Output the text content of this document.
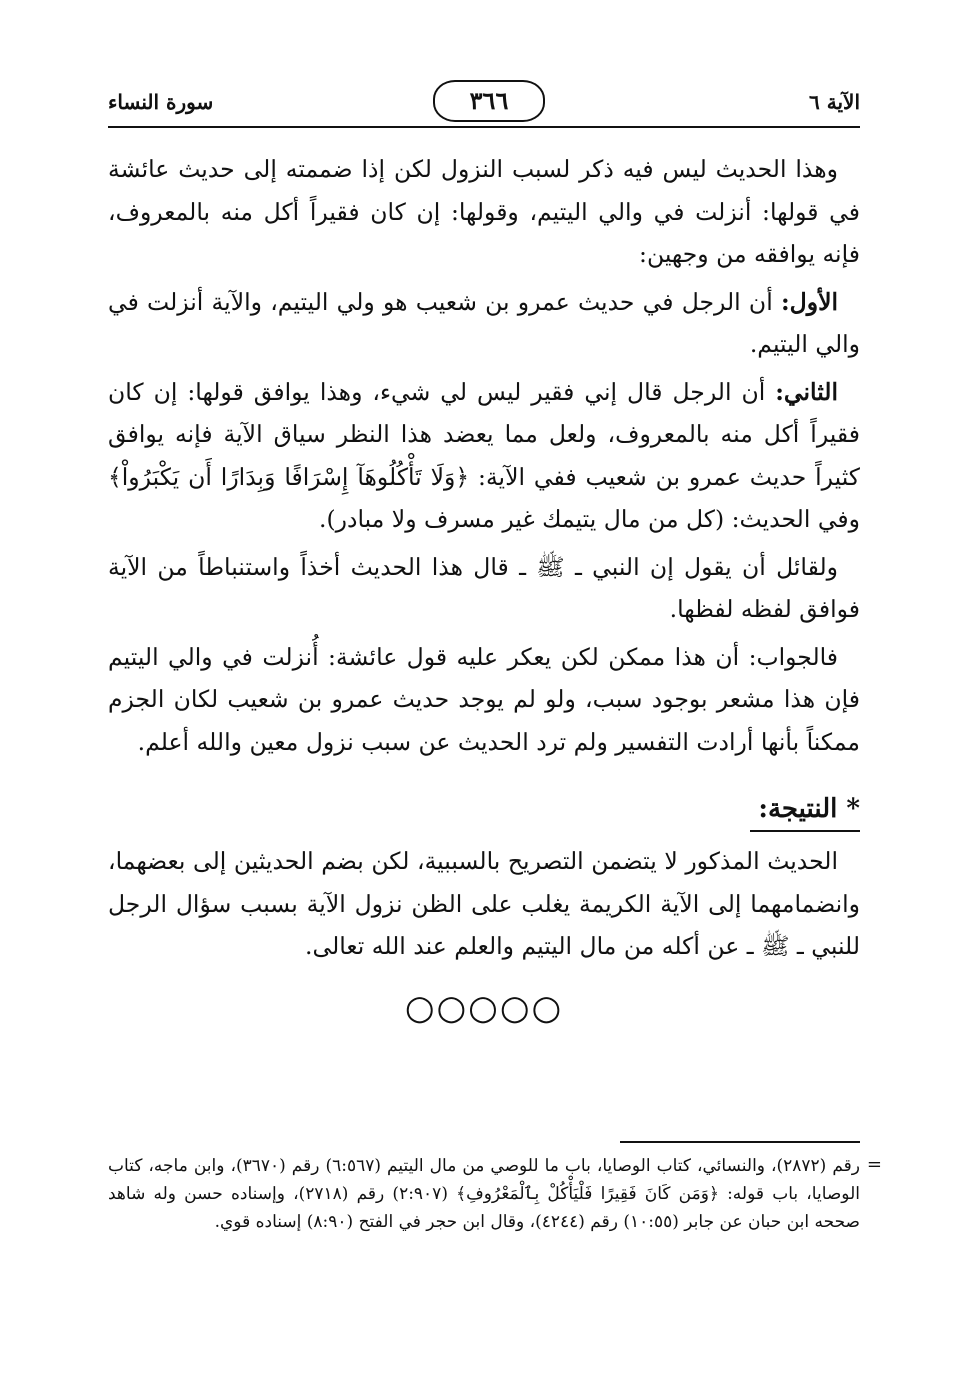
سورة النساء	٣٦٦	الآية ٦

وهذا الحديث ليس فيه ذكر لسبب النزول لكن إذا ضممته إلى حديث عائشة في قولها: أنزلت في والي اليتيم، وقولها: إن كان فقيراً أكل منه بالمعروف، فإنه يوافقه من وجهين:

الأول: أن الرجل في حديث عمرو بن شعيب هو ولي اليتيم، والآية أنزلت في والي اليتيم.

الثاني: أن الرجل قال إني فقير ليس لي شيء، وهذا يوافق قولها: إن كان فقيراً أكل منه بالمعروف، ولعل مما يعضد هذا النظر سياق الآية فإنه يوافق كثيراً حديث عمرو بن شعيب ففي الآية: ﴿وَلَا تَأْكُلُوهَآ إِسْرَافًا وَبِدَارًا أَن يَكْبَرُواْ﴾ وفي الحديث: (كل من مال يتيمك غير مسرف ولا مبادر).

ولقائل أن يقول إن النبي ـ ﷺ ـ قال هذا الحديث أخذاً واستنباطاً من الآية فوافق لفظه لفظها.

فالجواب: أن هذا ممكن لكن يعكر عليه قول عائشة: أُنزلت في والي اليتيم فإن هذا مشعر بوجود سبب، ولو لم يوجد حديث عمرو بن شعيب لكان الجزم ممكناً بأنها أرادت التفسير ولم ترد الحديث عن سبب نزول معين والله أعلم.

* النتيجة:

الحديث المذكور لا يتضمن التصريح بالسببية، لكن بضم الحديثين إلى بعضهما، وانضمامهما إلى الآية الكريمة يغلب على الظن نزول الآية بسبب سؤال الرجل للنبي ـ ﷺ ـ عن أكله من مال اليتيم والعلم عند الله تعالى.

○○○○○
=

رقم (٢٨٧٢)، والنسائي، كتاب الوصايا، باب ما للوصي من مال اليتيم (٦:٥٦٧) رقم (٣٦٧٠)، وابن ماجه، كتاب الوصايا، باب قوله: ﴿وَمَن كَانَ فَقِيرًا فَلْيَأْكُلْ بِٱلْمَعْرُوفِ﴾ (٢:٩٠٧) رقم (٢٧١٨)، وإسناده حسن وله شاهد صححه ابن حبان عن جابر (١٠:٥٥) رقم (٤٢٤٤)، وقال ابن حجر في الفتح (٨:٩٠) إسناده قوي.
